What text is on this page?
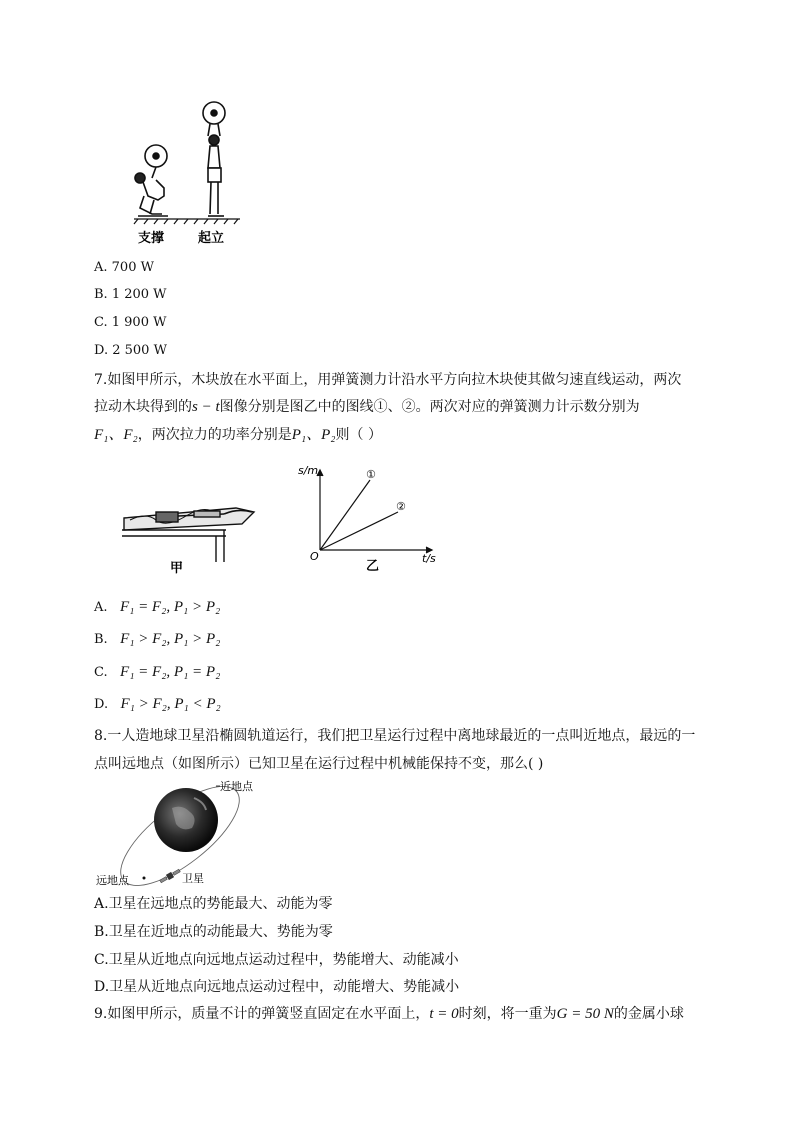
支撑	起立
A. 700 W
B. 1 200 W
C. 1 900 W
D. 2 500 W
7.如图甲所示，木块放在水平面上，用弹簧测力计沿水平方向拉木块使其做匀速直线运动，两次
拉动木块得到的s − t图像分别是图乙中的图线①、②。两次对应的弹簧测力计示数分别为
F₁、F₂，两次拉力的功率分别是P₁、P₂则（ ）
甲
s/m
t/s
O
①
②
乙
A. F₁ = F₂, P₁ > P₂
B. F₁ > F₂, P₁ > P₂
C. F₁ = F₂, P₁ = P₂
D. F₁ > F₂, P₁ < P₂
8.一人造地球卫星沿椭圆轨道运行，我们把卫星运行过程中离地球最近的一点叫近地点，最远的一
点叫远地点（如图所示）已知卫星在运行过程中机械能保持不变，那么( )
近地点
远地点	卫星
A.卫星在远地点的势能最大、动能为零
B.卫星在近地点的动能最大、势能为零
C.卫星从近地点向远地点运动过程中，势能增大、动能减小
D.卫星从近地点向远地点运动过程中，动能增大、势能减小
9.如图甲所示，质量不计的弹簧竖直固定在水平面上，t = 0时刻，将一重为G = 50 N的金属小球
